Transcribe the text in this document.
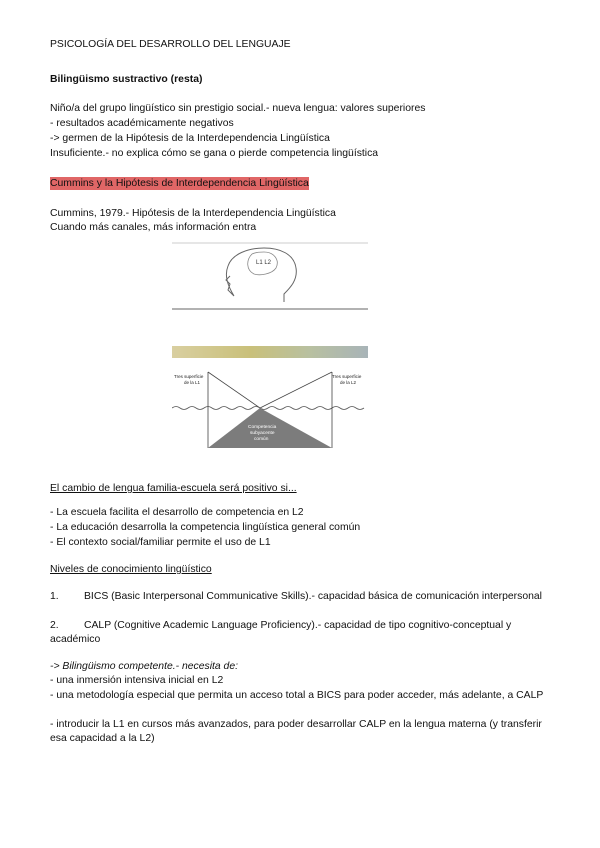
PSICOLOGÍA DEL DESARROLLO DEL LENGUAJE
Bilingüismo sustractivo (resta)
Niño/a del grupo lingüístico sin prestigio social.- nueva lengua: valores superiores
- resultados académicamente negativos
-> germen de la Hipótesis de la Interdependencia Lingüística
Insuficiente.- no explica cómo se gana o pierde competencia lingüística
Cummins y la Hipótesis de Interdependencia Lingüística
Cummins, 1979.- Hipótesis de la Interdependencia Lingüística
Cuando más canales, más información entra
L1 L2
Tres superficie
de la L1
Tres superficie
de la L2
Competencia
subyacente
común
El cambio de lengua familia-escuela será positivo si...
- La escuela facilita el desarrollo de competencia en L2
- La educación desarrolla la competencia lingüística general común
- El contexto social/familiar permite el uso de L1
Niveles de conocimiento lingüístico
1. BICS (Basic Interpersonal Communicative Skills).- capacidad básica de comunicación interpersonal
2. CALP (Cognitive Academic Language Proficiency).- capacidad de tipo cognitivo-conceptual y académico
-> Bilingüismo competente.- necesita de:
- una inmersión intensiva inicial en L2
- una metodología especial que permita un acceso total a BICS para poder acceder, más adelante, a CALP
- introducir la L1 en cursos más avanzados, para poder desarrollar CALP en la lengua materna (y transferir esa capacidad a la L2)
